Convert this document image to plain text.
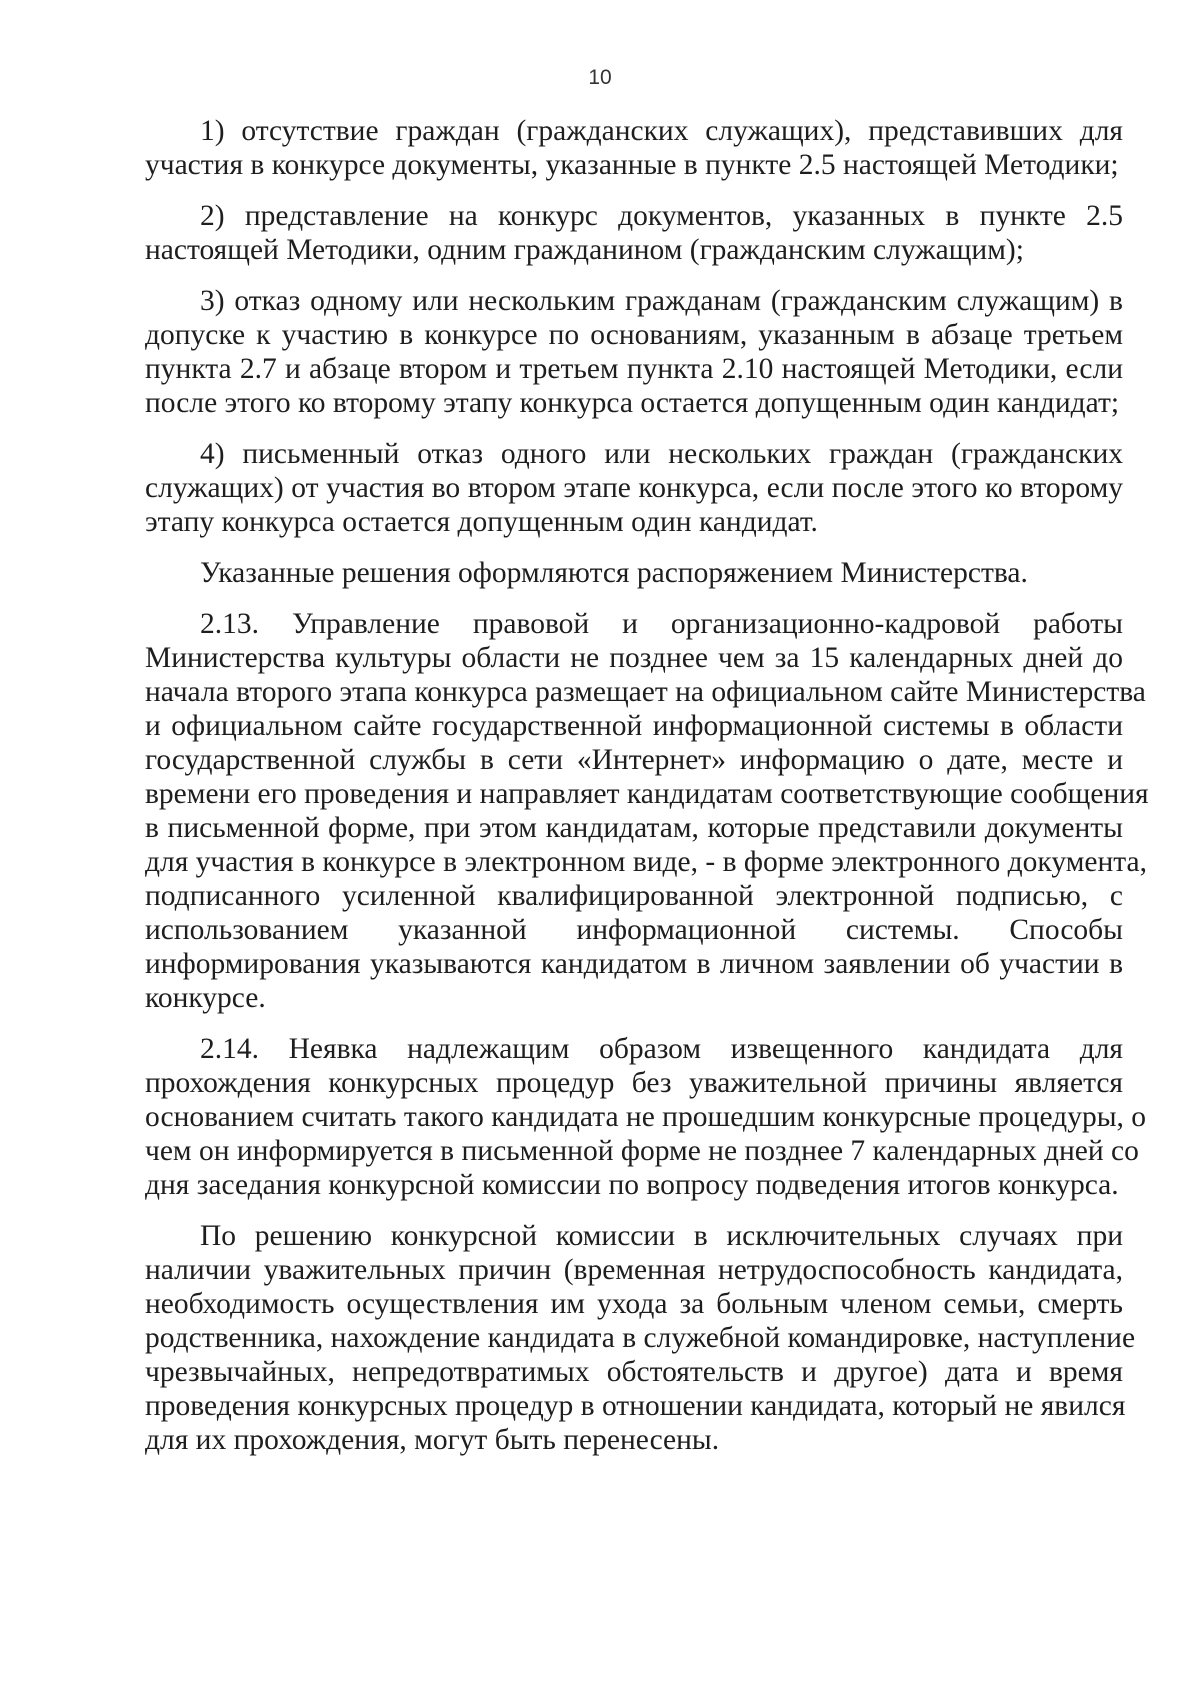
10
1) отсутствие граждан (гражданских служащих), представивших для
участия в конкурсе документы, указанные в пункте 2.5 настоящей Методики;
2) представление на конкурс документов, указанных в пункте 2.5
настоящей Методики, одним гражданином (гражданским служащим);
3) отказ одному или нескольким гражданам (гражданским служащим) в
допуске к участию в конкурсе по основаниям, указанным в абзаце третьем
пункта 2.7 и абзаце втором и третьем пункта 2.10 настоящей Методики, если
после этого ко второму этапу конкурса остается допущенным один кандидат;
4) письменный отказ одного или нескольких граждан (гражданских
служащих) от участия во втором этапе конкурса, если после этого ко второму
этапу конкурса остается допущенным один кандидат.
Указанные решения оформляются распоряжением Министерства.
2.13. Управление правовой и организационно-кадровой работы
Министерства культуры области не позднее чем за 15 календарных дней до
начала второго этапа конкурса размещает на официальном сайте Министерства
и официальном сайте государственной информационной системы в области
государственной службы в сети «Интернет» информацию о дате, месте и
времени его проведения и направляет кандидатам соответствующие сообщения
в письменной форме, при этом кандидатам, которые представили документы
для участия в конкурсе в электронном виде, - в форме электронного документа,
подписанного усиленной квалифицированной электронной подписью, с
использованием указанной информационной системы. Способы
информирования указываются кандидатом в личном заявлении об участии в
конкурсе.
2.14. Неявка надлежащим образом извещенного кандидата для
прохождения конкурсных процедур без уважительной причины является
основанием считать такого кандидата не прошедшим конкурсные процедуры, о
чем он информируется в письменной форме не позднее 7 календарных дней со
дня заседания конкурсной комиссии по вопросу подведения итогов конкурса.
По решению конкурсной комиссии в исключительных случаях при
наличии уважительных причин (временная нетрудоспособность кандидата,
необходимость осуществления им ухода за больным членом семьи, смерть
родственника, нахождение кандидата в служебной командировке, наступление
чрезвычайных, непредотвратимых обстоятельств и другое) дата и время
проведения конкурсных процедур в отношении кандидата, который не явился
для их прохождения, могут быть перенесены.
